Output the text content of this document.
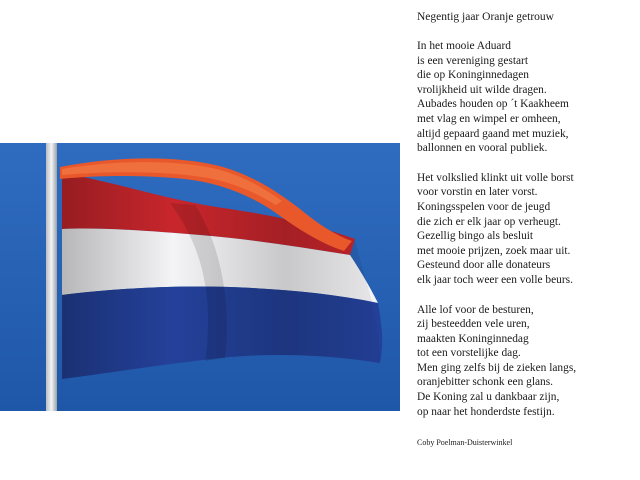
Negentig jaar Oranje getrouw
In het mooie Aduard
is een vereniging gestart
die op Koninginnedagen
vrolijkheid uit wilde dragen.
Aubades houden op ´t Kaakheem
met vlag en wimpel er omheen,
altijd gepaard gaand met muziek,
ballonnen en vooral publiek.
Het volkslied klinkt uit volle borst
voor vorstin en later vorst.
Koningsspelen voor de jeugd
die zich er elk jaar op verheugt.
Gezellig bingo als besluit
met mooie prijzen, zoek maar uit.
Gesteund door alle donateurs
elk jaar toch weer een volle beurs.
Alle lof voor de besturen,
zij besteedden vele uren,
maakten Koninginnedag
tot een vorstelijke dag.
Men ging zelfs bij de zieken langs,
oranjebitter schonk een glans.
De Koning zal u dankbaar zijn,
op naar het honderdste festijn.
Coby Poelman-Duisterwinkel
